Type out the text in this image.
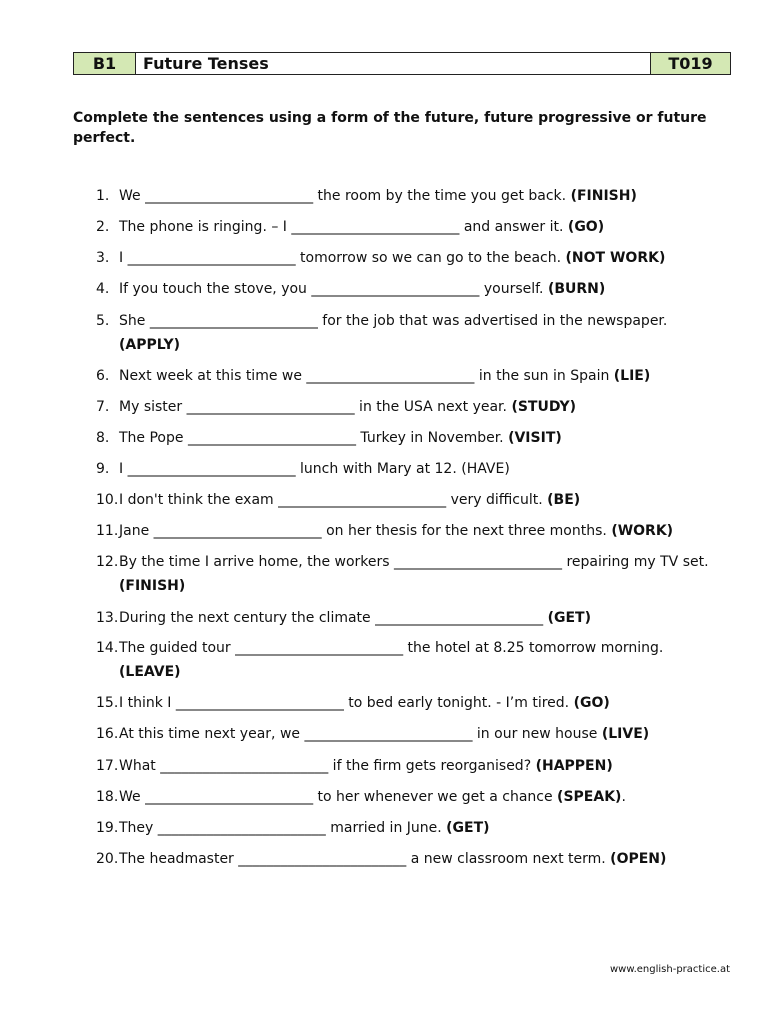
B1	Future Tenses	T019
Complete the sentences using a form of the future, future progressive or future perfect.
1. We ________________________ the room by the time you get back. (FINISH)
2. The phone is ringing. – I ________________________ and answer it. (GO)
3. I ________________________ tomorrow so we can go to the beach. (NOT WORK)
4. If you touch the stove, you ________________________ yourself. (BURN)
5. She ________________________ for the job that was advertised in the newspaper.
(APPLY)
6. Next week at this time we ________________________ in the sun in Spain (LIE)
7. My sister ________________________ in the USA next year. (STUDY)
8. The Pope ________________________ Turkey in November. (VISIT)
9. I ________________________ lunch with Mary at 12. (HAVE)
10.I don't think the exam ________________________ very difficult. (BE)
11.Jane ________________________ on her thesis for the next three months. (WORK)
12.By the time I arrive home, the workers ________________________ repairing my TV set.
(FINISH)
13.During the next century the climate ________________________ (GET)
14.The guided tour ________________________ the hotel at 8.25 tomorrow morning.
(LEAVE)
15.I think I ________________________ to bed early tonight. - I’m tired. (GO)
16.At this time next year, we ________________________ in our new house (LIVE)
17.What ________________________ if the firm gets reorganised? (HAPPEN)
18.We ________________________ to her whenever we get a chance (SPEAK).
19.They ________________________ married in June. (GET)
20.The headmaster ________________________ a new classroom next term. (OPEN)
www.english-practice.at
